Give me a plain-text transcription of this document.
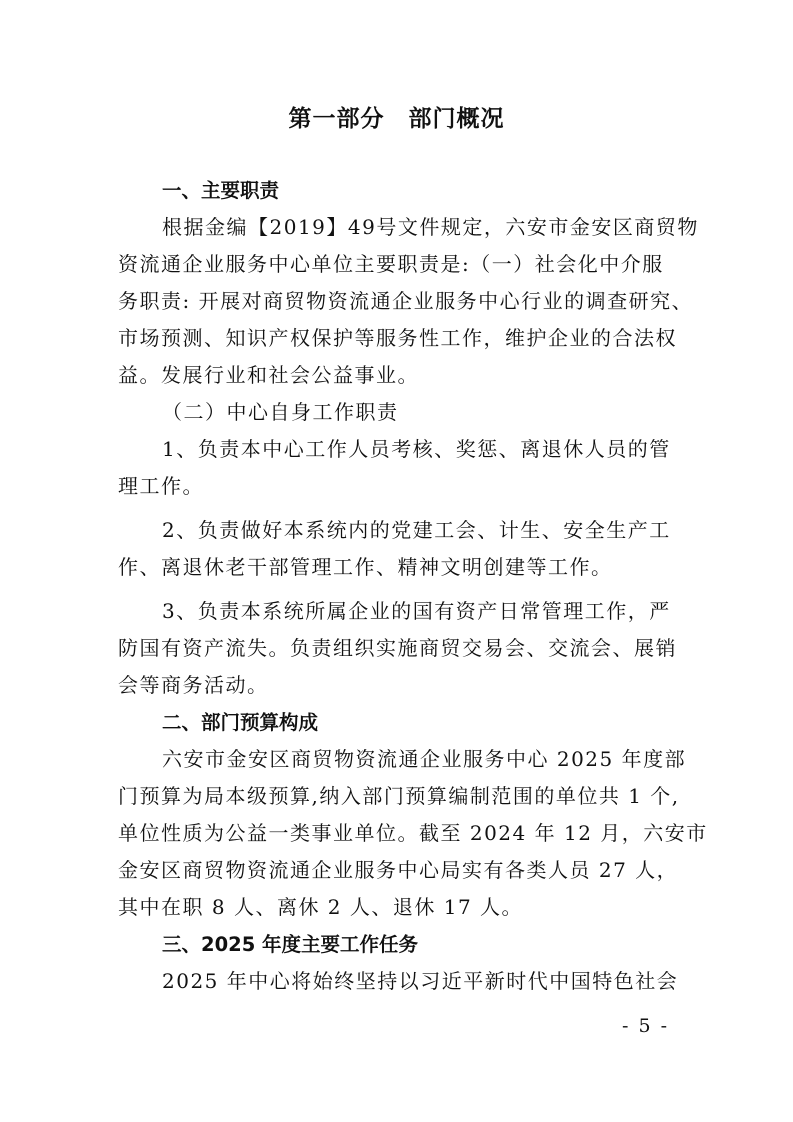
第一部分　部门概况

一、主要职责

根据金编【2019】49号文件规定，六安市金安区商贸物

资流通企业服务中心单位主要职责是:（一）社会化中介服

务职责: 开展对商贸物资流通企业服务中心行业的调查研究、

市场预测、知识产权保护等服务性工作，维护企业的合法权

益。发展行业和社会公益事业。

（二）中心自身工作职责

1、负责本中心工作人员考核、奖惩、离退休人员的管

理工作。

2、负责做好本系统内的党建工会、计生、安全生产工

作、离退休老干部管理工作、精神文明创建等工作。

3、负责本系统所属企业的国有资产日常管理工作，严

防国有资产流失。负责组织实施商贸交易会、交流会、展销

会等商务活动。

二、部门预算构成

六安市金安区商贸物资流通企业服务中心 2025 年度部

门预算为局本级预算,纳入部门预算编制范围的单位共 1 个,

单位性质为公益一类事业单位。截至 2024 年 12 月，六安市

金安区商贸物资流通企业服务中心局实有各类人员 27 人，

其中在职 8 人、离休 2 人、退休 17 人。

三、2025 年度主要工作任务

2025 年中心将始终坚持以习近平新时代中国特色社会

- 5 -
